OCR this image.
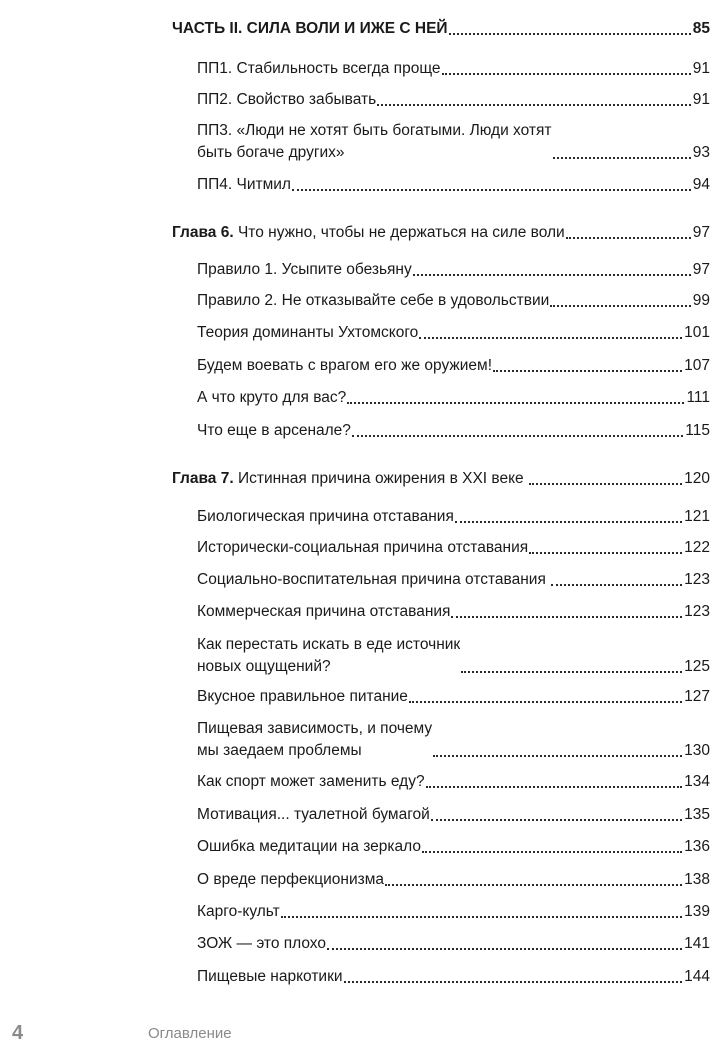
ЧАСТЬ II. СИЛА ВОЛИ И ИЖЕ С НЕЙ	85
ПП1. Стабильность всегда проще	91
ПП2. Свойство забывать	91
ПП3. «Люди не хотят быть богатыми. Люди хотят
быть богаче других»	93
ПП4. Читмил	94
Глава 6. Что нужно, чтобы не держаться на силе воли	97
Правило 1. Усыпите обезьяну	97
Правило 2. Не отказывайте себе в удовольствии	99
Теория доминанты Ухтомского	101
Будем воевать с врагом его же оружием!	107
А что круто для вас?	111
Что еще в арсенале?	115
Глава 7. Истинная причина ожирения в XXI веке	120
Биологическая причина отставания	121
Исторически-социальная причина отставания	122
Социально-воспитательная причина отставания	123
Коммерческая причина отставания	123
Как перестать искать в еде источник
новых ощущений?	125
Вкусное правильное питание	127
Пищевая зависимость, и почему
мы заедаем проблемы	130
Как спорт может заменить еду?	134
Мотивация... туалетной бумагой	135
Ошибка медитации на зеркало	136
О вреде перфекционизма	138
Карго-культ	139
ЗОЖ — это плохо	141
Пищевые наркотики	144
4	Оглавление
